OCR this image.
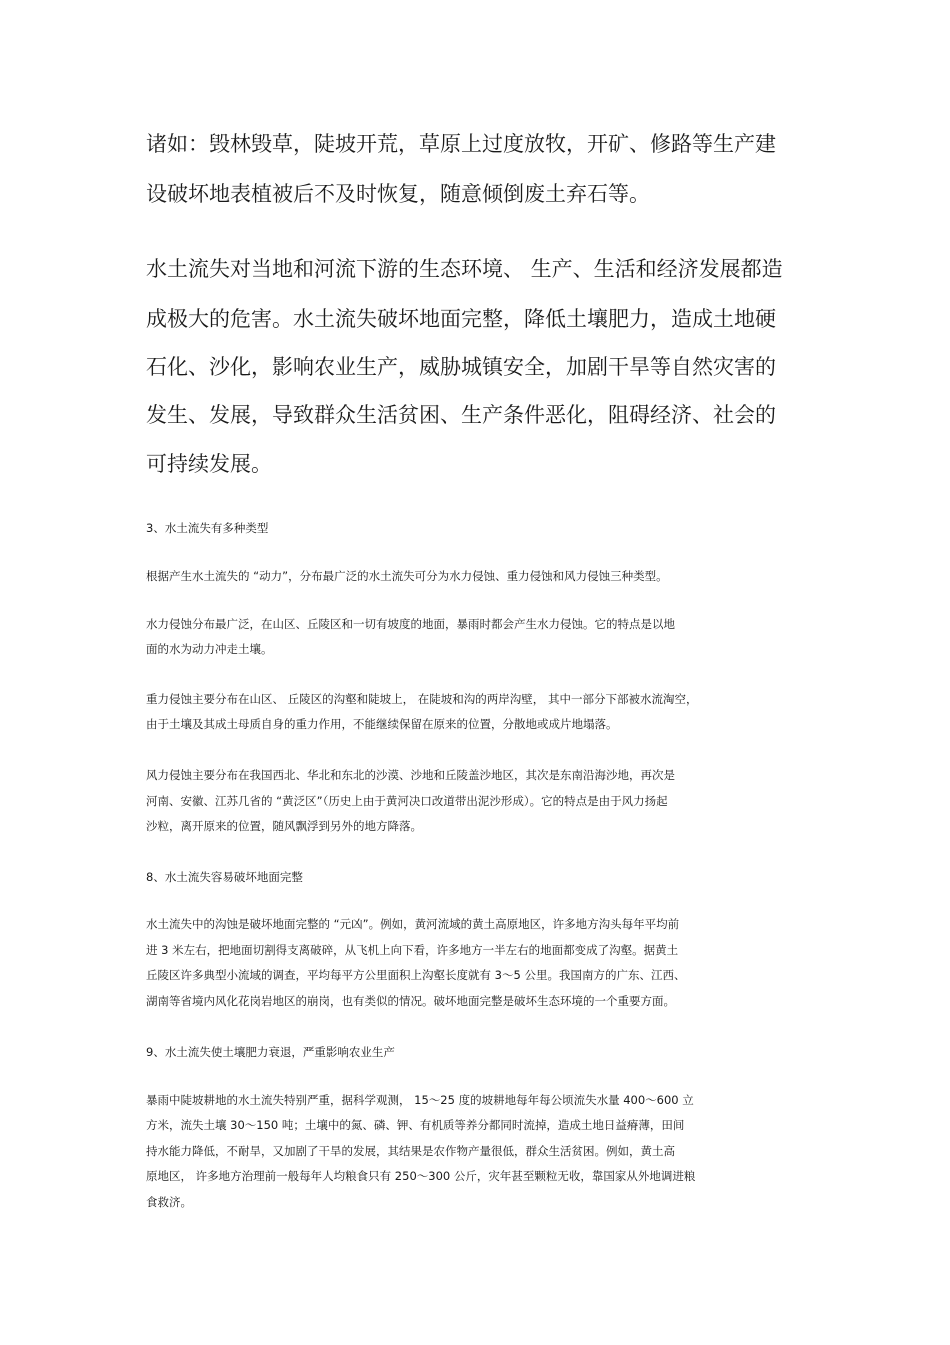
诸如：毁林毁草，陡坡开荒，草原上过度放牧，开矿、修路等生产建
设破坏地表植被后不及时恢复，随意倾倒废土弃石等。
水土流失对当地和河流下游的生态环境、 生产、生活和经济发展都造
成极大的危害。水土流失破坏地面完整，降低土壤肥力，造成土地硬
石化、沙化，影响农业生产，威胁城镇安全，加剧干旱等自然灾害的
发生、发展，导致群众生活贫困、生产条件恶化，阻碍经济、社会的
可持续发展。
3、水土流失有多种类型
根据产生水土流失的 “动力”，分布最广泛的水土流失可分为水力侵蚀、重力侵蚀和风力侵蚀三种类型。
水力侵蚀分布最广泛，在山区、丘陵区和一切有坡度的地面，暴雨时都会产生水力侵蚀。它的特点是以地
面的水为动力冲走土壤。
重力侵蚀主要分布在山区、 丘陵区的沟壑和陡坡上， 在陡坡和沟的两岸沟壁， 其中一部分下部被水流淘空，
由于土壤及其成土母质自身的重力作用，不能继续保留在原来的位置，分散地或成片地塌落。
风力侵蚀主要分布在我国西北、华北和东北的沙漠、沙地和丘陵盖沙地区，其次是东南沿海沙地，再次是
河南、安徽、江苏几省的 “黄泛区”（历史上由于黄河决口改道带出泥沙形成）。它的特点是由于风力扬起
沙粒，离开原来的位置，随风飘浮到另外的地方降落。
8、水土流失容易破坏地面完整
水土流失中的沟蚀是破坏地面完整的 “元凶”。例如，黄河流域的黄土高原地区，许多地方沟头每年平均前
进 3 米左右，把地面切割得支离破碎，从飞机上向下看，许多地方一半左右的地面都变成了沟壑。据黄土
丘陵区许多典型小流域的调查，平均每平方公里面积上沟壑长度就有 3～5 公里。我国南方的广东、江西、
湖南等省境内风化花岗岩地区的崩岗，也有类似的情况。破坏地面完整是破坏生态环境的一个重要方面。
9、水土流失使土壤肥力衰退，严重影响农业生产
暴雨中陡坡耕地的水土流失特别严重，据科学观测， 15～25 度的坡耕地每年每公顷流失水量 400～600 立
方米，流失土壤 30～150 吨；土壤中的氮、磷、钾、有机质等养分都同时流掉，造成土地日益瘠薄，田间
持水能力降低，不耐旱，又加剧了干旱的发展，其结果是农作物产量很低，群众生活贫困。例如，黄土高
原地区， 许多地方治理前一般每年人均粮食只有 250～300 公斤，灾年甚至颗粒无收，靠国家从外地调进粮
食救济。
